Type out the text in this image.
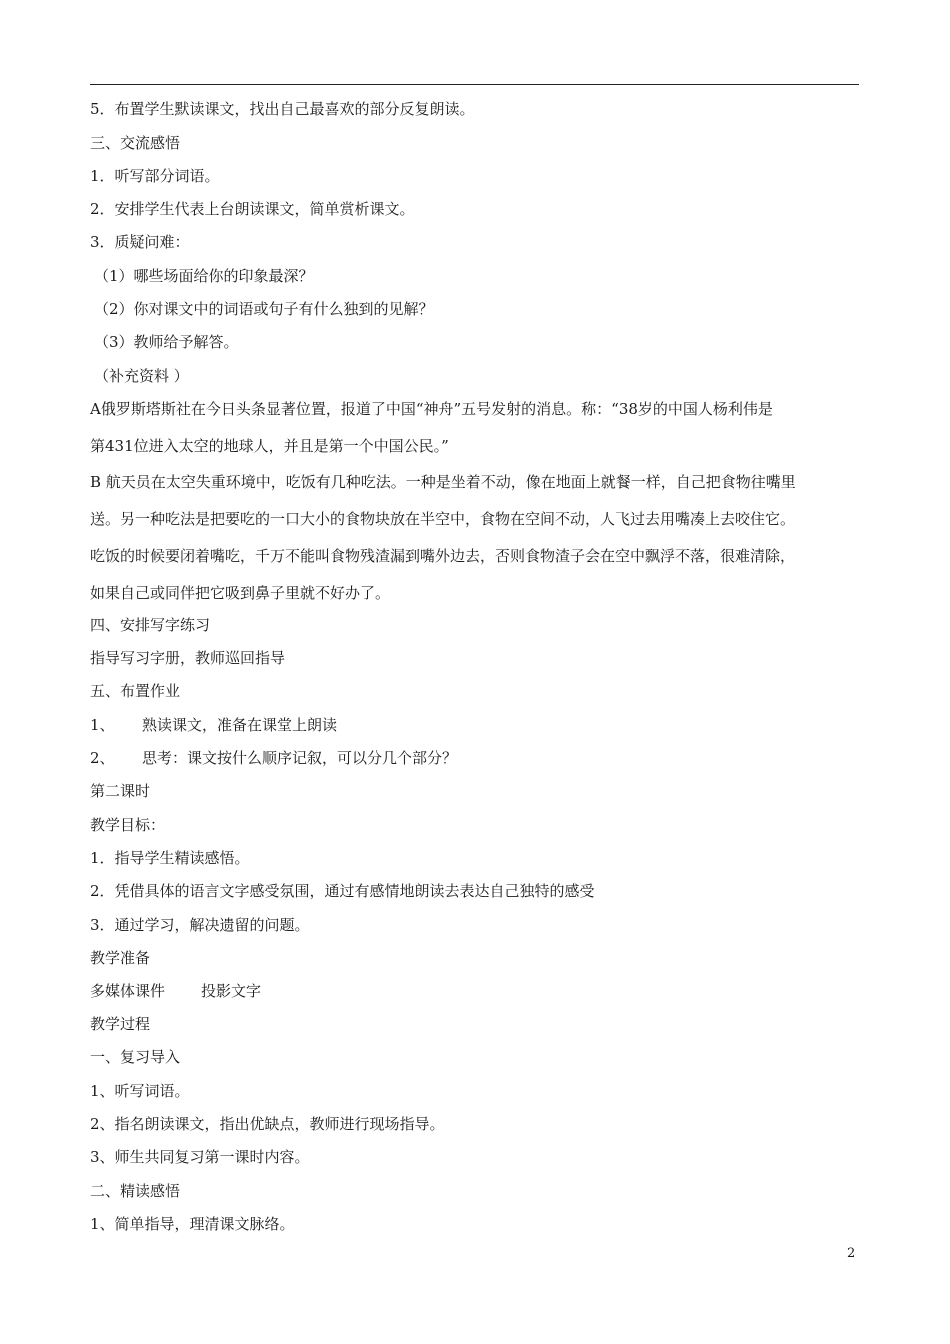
5．布置学生默读课文，找出自己最喜欢的部分反复朗读。
三、交流感悟
1．听写部分词语。
2．安排学生代表上台朗读课文，简单赏析课文。
3．质疑问难：
（1）哪些场面给你的印象最深？
（2）你对课文中的词语或句子有什么独到的见解？
（3）教师给予解答。
（补充资料 ）
A俄罗斯塔斯社在今日头条显著位置，报道了中国“神舟”五号发射的消息。称：“38岁的中国人杨利伟是
第431位进入太空的地球人，并且是第一个中国公民。”
B 航天员在太空失重环境中，吃饭有几种吃法。一种是坐着不动，像在地面上就餐一样，自己把食物往嘴里
送。另一种吃法是把要吃的一口大小的食物块放在半空中，食物在空间不动，人飞过去用嘴凑上去咬住它。
吃饭的时候要闭着嘴吃，千万不能叫食物残渣漏到嘴外边去，否则食物渣子会在空中飘浮不落，很难清除，
如果自己或同伴把它吸到鼻子里就不好办了。
四、安排写字练习
指导写习字册，教师巡回指导
五、布置作业
1、 熟读课文，准备在课堂上朗读
2、 思考：课文按什么顺序记叙，可以分几个部分？
第二课时
教学目标：
1．指导学生精读感悟。
2．凭借具体的语言文字感受氛围，通过有感情地朗读去表达自己独特的感受
3．通过学习，解决遗留的问题。
教学准备
多媒体课件 投影文字
教学过程
一、复习导入
1、听写词语。
2、指名朗读课文，指出优缺点，教师进行现场指导。
3、师生共同复习第一课时内容。
二、精读感悟
1、简单指导，理清课文脉络。
2
